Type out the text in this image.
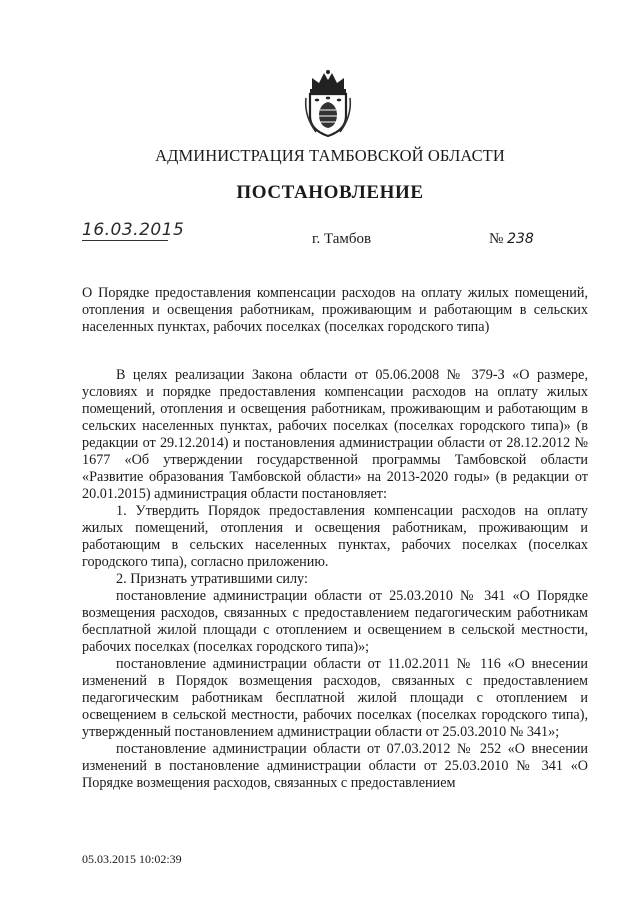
АДМИНИСТРАЦИЯ ТАМБОВСКОЙ ОБЛАСТИ
ПОСТАНОВЛЕНИЕ
16.03.2015	г. Тамбов	№ 238
О Порядке предоставления компенсации расходов на оплату жилых помещений, отопления и освещения работникам, проживающим и работающим в сельских населенных пунктах, рабочих поселках (поселках городского типа)

В целях реализации Закона области от 05.06.2008 № 379-З «О размере, условиях и порядке предоставления компенсации расходов на оплату жилых помещений, отопления и освещения работникам, проживающим и работающим в сельских населенных пунктах, рабочих поселках (поселках городского типа)» (в редакции от 29.12.2014) и постановления администрации области от 28.12.2012 № 1677 «Об утверждении государственной программы Тамбовской области «Развитие образования Тамбовской области» на 2013-2020 годы» (в редакции от 20.01.2015) администрация области постановляет:

1. Утвердить Порядок предоставления компенсации расходов на оплату жилых помещений, отопления и освещения работникам, проживающим и работающим в сельских населенных пунктах, рабочих поселках (поселках городского типа), согласно приложению.

2. Признать утратившими силу:

постановление администрации области от 25.03.2010 № 341 «О Порядке возмещения расходов, связанных с предоставлением педагогическим работникам бесплатной жилой площади с отоплением и освещением в сельской местности, рабочих поселках (поселках городского типа)»;

постановление администрации области от 11.02.2011 № 116 «О внесении изменений в Порядок возмещения расходов, связанных с предоставлением педагогическим работникам бесплатной жилой площади с отоплением и освещением в сельской местности, рабочих поселках (поселках городского типа), утвержденный постановлением администрации области от 25.03.2010 № 341»;

постановление администрации области от 07.03.2012 № 252 «О внесении изменений в постановление администрации области от 25.03.2010 № 341 «О Порядке возмещения расходов, связанных с предоставлением

05.03.2015 10:02:39
